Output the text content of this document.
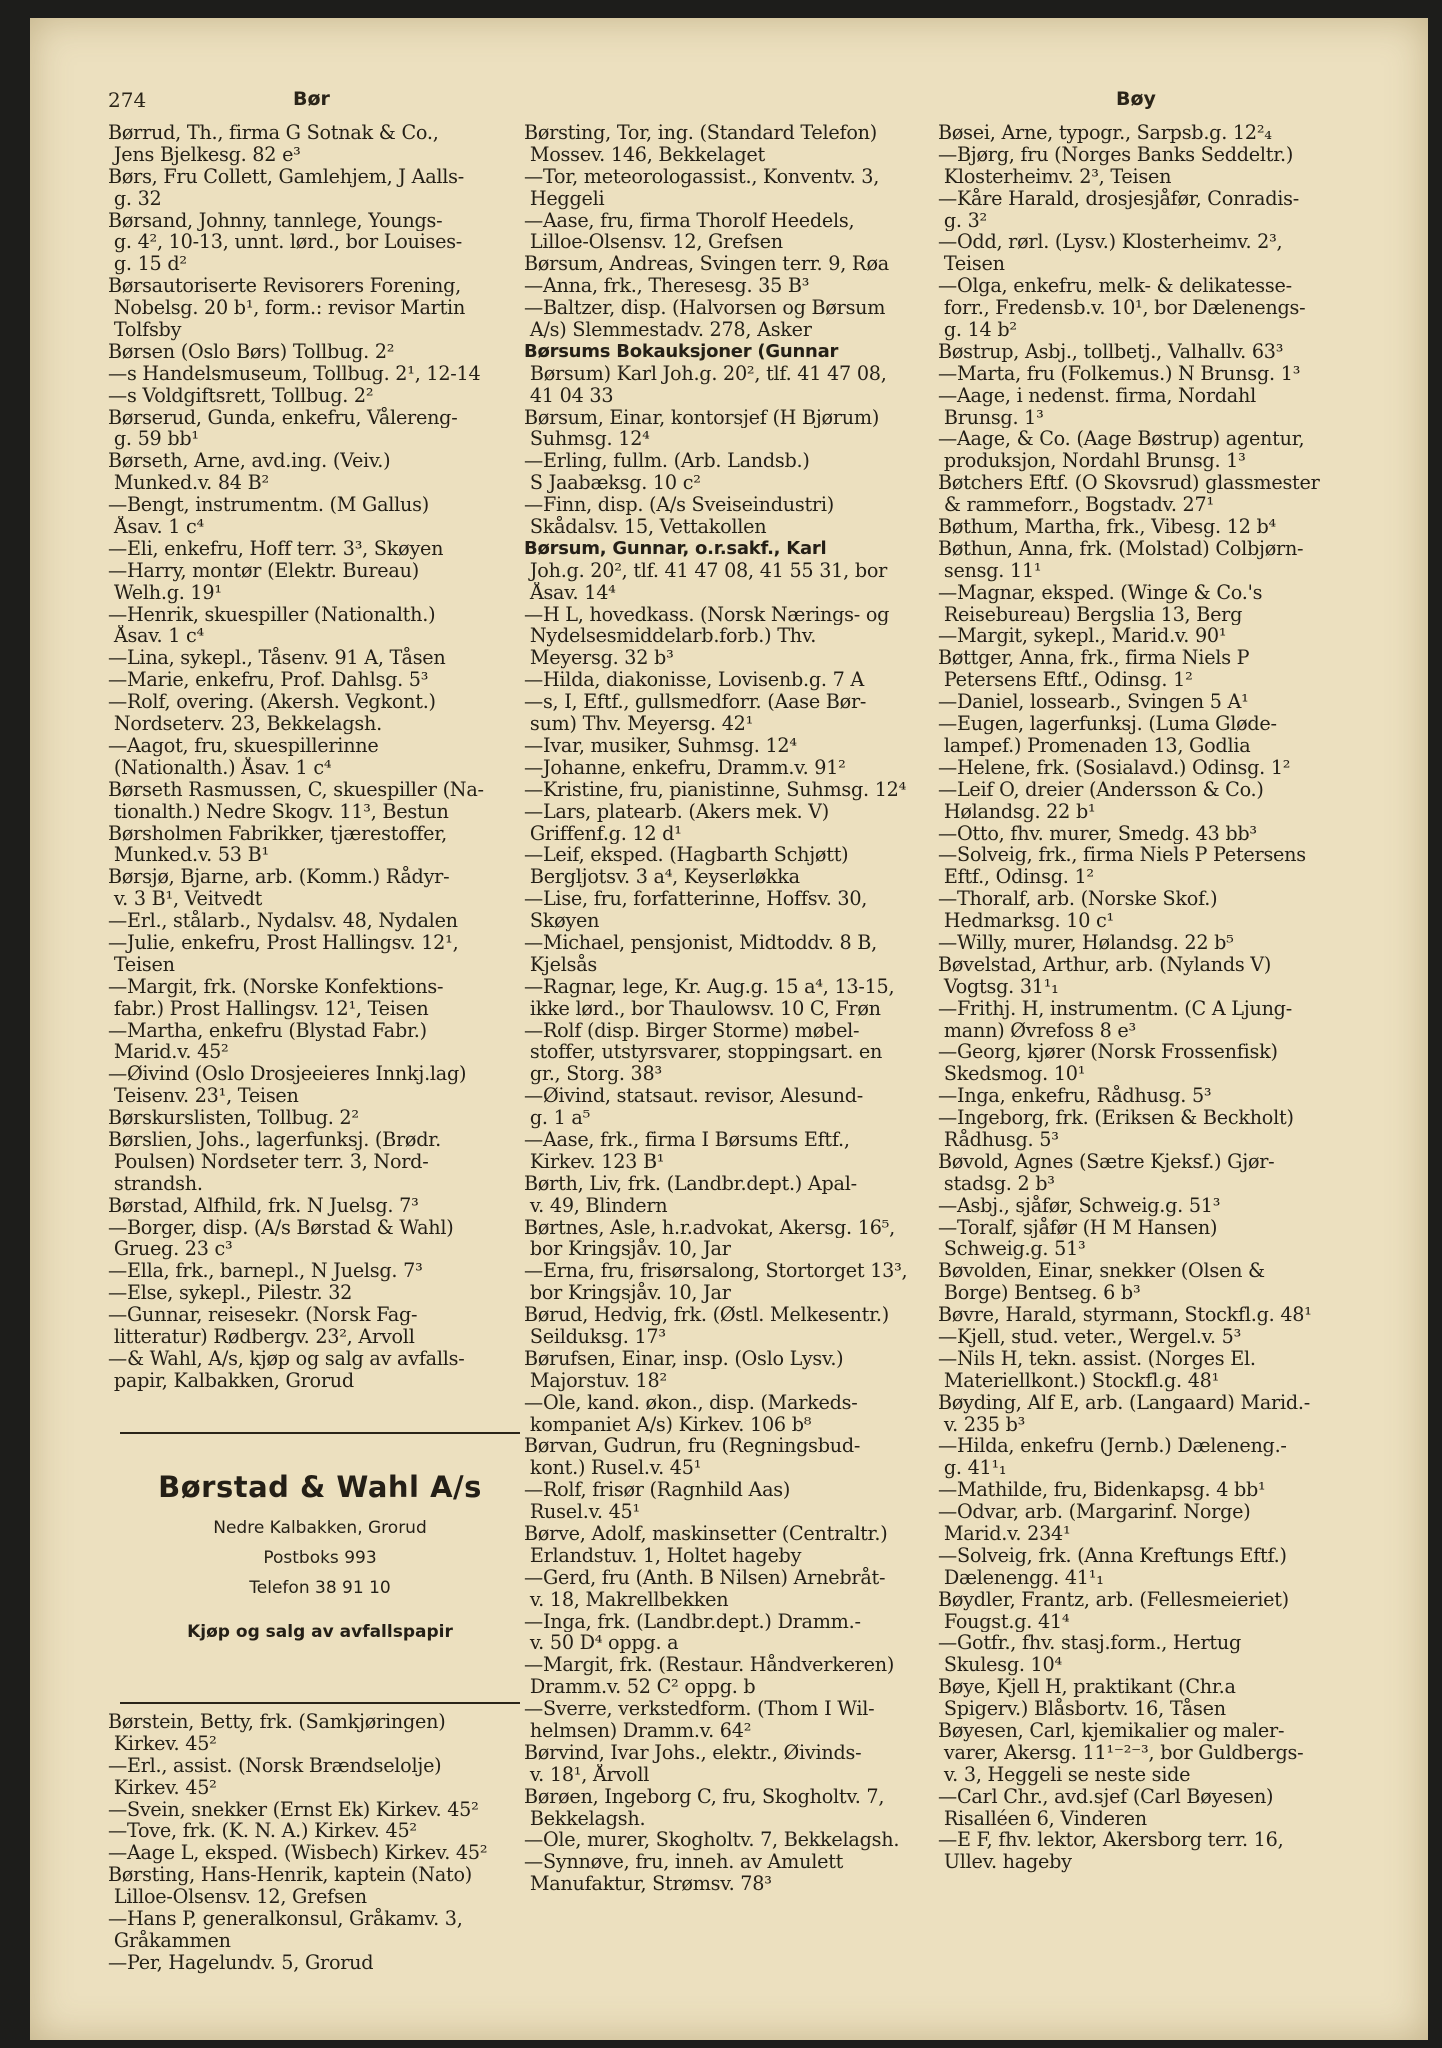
274	Bør	Bøy
Børrud, Th., firma G Sotnak & Co.,
Jens Bjelkesg. 82 e³
Børs, Fru Collett, Gamlehjem, J Aalls-
g. 32
Børsand, Johnny, tannlege, Youngs-
g. 4², 10-13, unnt. lørd., bor Louises-
g. 15 d²
Børsautoriserte Revisorers Forening,
Nobelsg. 20 b¹, form.: revisor Martin
Tolfsby
Børsen (Oslo Børs) Tollbug. 2²
—s Handelsmuseum, Tollbug. 2¹, 12-14
—s Voldgiftsrett, Tollbug. 2²
Børserud, Gunda, enkefru, Vålereng-
g. 59 bb¹
Børseth, Arne, avd.ing. (Veiv.)
Munked.v. 84 B²
—Bengt, instrumentm. (M Gallus)
Åsav. 1 c⁴
—Eli, enkefru, Hoff terr. 3³, Skøyen
—Harry, montør (Elektr. Bureau)
Welh.g. 19¹
—Henrik, skuespiller (Nationalth.)
Åsav. 1 c⁴
—Lina, sykepl., Tåsenv. 91 A, Tåsen
—Marie, enkefru, Prof. Dahlsg. 5³
—Rolf, overing. (Akersh. Vegkont.)
Nordseterv. 23, Bekkelagsh.
—Aagot, fru, skuespillerinne
(Nationalth.) Åsav. 1 c⁴
Børseth Rasmussen, C, skuespiller (Na-
tionalth.) Nedre Skogv. 11³, Bestun
Børsholmen Fabrikker, tjærestoffer,
Munked.v. 53 B¹
Børsjø, Bjarne, arb. (Komm.) Rådyr-
v. 3 B¹, Veitvedt
—Erl., stålarb., Nydalsv. 48, Nydalen
—Julie, enkefru, Prost Hallingsv. 12¹,
Teisen
—Margit, frk. (Norske Konfektions-
fabr.) Prost Hallingsv. 12¹, Teisen
—Martha, enkefru (Blystad Fabr.)
Marid.v. 45²
—Øivind (Oslo Drosjeeieres Innkj.lag)
Teisenv. 23¹, Teisen
Børskurslisten, Tollbug. 2²
Børslien, Johs., lagerfunksj. (Brødr.
Poulsen) Nordseter terr. 3, Nord-
strandsh.
Børstad, Alfhild, frk. N Juelsg. 7³
—Borger, disp. (A/s Børstad & Wahl)
Grueg. 23 c³
—Ella, frk., barnepl., N Juelsg. 7³
—Else, sykepl., Pilestr. 32
—Gunnar, reisesekr. (Norsk Fag-
litteratur) Rødbergv. 23², Arvoll
—& Wahl, A/s, kjøp og salg av avfalls-
papir, Kalbakken, Grorud
Børstad & Wahl A/s
Nedre Kalbakken, Grorud
Postboks 993
Telefon 38 91 10
Kjøp og salg av avfallspapir
Børstein, Betty, frk. (Samkjøringen)
Kirkev. 45²
—Erl., assist. (Norsk Brændselolje)
Kirkev. 45²
—Svein, snekker (Ernst Ek) Kirkev. 45²
—Tove, frk. (K. N. A.) Kirkev. 45²
—Aage L, eksped. (Wisbech) Kirkev. 45²
Børsting, Hans-Henrik, kaptein (Nato)
Lilloe-Olsensv. 12, Grefsen
—Hans P, generalkonsul, Gråkamv. 3,
Gråkammen
—Per, Hagelundv. 5, Grorud
Børsting, Tor, ing. (Standard Telefon)
Mossev. 146, Bekkelaget
—Tor, meteorologassist., Konventv. 3,
Heggeli
—Aase, fru, firma Thorolf Heedels,
Lilloe-Olsensv. 12, Grefsen
Børsum, Andreas, Svingen terr. 9, Røa
—Anna, frk., Theresesg. 35 B³
—Baltzer, disp. (Halvorsen og Børsum
A/s) Slemmestadv. 278, Asker
Børsums Bokauksjoner (Gunnar
Børsum) Karl Joh.g. 20², tlf. 41 47 08,
41 04 33
Børsum, Einar, kontorsjef (H Bjørum)
Suhmsg. 12⁴
—Erling, fullm. (Arb. Landsb.)
S Jaabæksg. 10 c²
—Finn, disp. (A/s Sveiseindustri)
Skådalsv. 15, Vettakollen
Børsum, Gunnar, o.r.sakf., Karl
Joh.g. 20², tlf. 41 47 08, 41 55 31, bor
Åsav. 14⁴
—H L, hovedkass. (Norsk Nærings- og
Nydelsesmiddelarb.forb.) Thv.
Meyersg. 32 b³
—Hilda, diakonisse, Lovisenb.g. 7 A
—s, I, Eftf., gullsmedforr. (Aase Bør-
sum) Thv. Meyersg. 42¹
—Ivar, musiker, Suhmsg. 12⁴
—Johanne, enkefru, Dramm.v. 91²
—Kristine, fru, pianistinne, Suhmsg. 12⁴
—Lars, platearb. (Akers mek. V)
Griffenf.g. 12 d¹
—Leif, eksped. (Hagbarth Schjøtt)
Bergljotsv. 3 a⁴, Keyserløkka
—Lise, fru, forfatterinne, Hoffsv. 30,
Skøyen
—Michael, pensjonist, Midtoddv. 8 B,
Kjelsås
—Ragnar, lege, Kr. Aug.g. 15 a⁴, 13-15,
ikke lørd., bor Thaulowsv. 10 C, Frøn
—Rolf (disp. Birger Storme) møbel-
stoffer, utstyrsvarer, stoppingsart. en
gr., Storg. 38³
—Øivind, statsaut. revisor, Alesund-
g. 1 a⁵
—Aase, frk., firma I Børsums Eftf.,
Kirkev. 123 B¹
Børth, Liv, frk. (Landbr.dept.) Apal-
v. 49, Blindern
Børtnes, Asle, h.r.advokat, Akersg. 16⁵,
bor Kringsjåv. 10, Jar
—Erna, fru, frisørsalong, Stortorget 13³,
bor Kringsjåv. 10, Jar
Børud, Hedvig, frk. (Østl. Melkesentr.)
Seilduksg. 17³
Børufsen, Einar, insp. (Oslo Lysv.)
Majorstuv. 18²
—Ole, kand. økon., disp. (Markeds-
kompaniet A/s) Kirkev. 106 b⁸
Børvan, Gudrun, fru (Regningsbud-
kont.) Rusel.v. 45¹
—Rolf, frisør (Ragnhild Aas)
Rusel.v. 45¹
Børve, Adolf, maskinsetter (Centraltr.)
Erlandstuv. 1, Holtet hageby
—Gerd, fru (Anth. B Nilsen) Arnebråt-
v. 18, Makrellbekken
—Inga, frk. (Landbr.dept.) Dramm.-
v. 50 D⁴ oppg. a
—Margit, frk. (Restaur. Håndverkeren)
Dramm.v. 52 C² oppg. b
—Sverre, verkstedform. (Thom I Wil-
helmsen) Dramm.v. 64²
Børvind, Ivar Johs., elektr., Øivinds-
v. 18¹, Årvoll
Børøen, Ingeborg C, fru, Skogholtv. 7,
Bekkelagsh.
—Ole, murer, Skogholtv. 7, Bekkelagsh.
—Synnøve, fru, inneh. av Amulett
Manufaktur, Strømsv. 78³
Bøsei, Arne, typogr., Sarpsb.g. 12²₄
—Bjørg, fru (Norges Banks Seddeltr.)
Klosterheimv. 2³, Teisen
—Kåre Harald, drosjesjåfør, Conradis-
g. 3²
—Odd, rørl. (Lysv.) Klosterheimv. 2³,
Teisen
—Olga, enkefru, melk- & delikatesse-
forr., Fredensb.v. 10¹, bor Dælenengs-
g. 14 b²
Bøstrup, Asbj., tollbetj., Valhallv. 63³
—Marta, fru (Folkemus.) N Brunsg. 1³
—Aage, i nedenst. firma, Nordahl
Brunsg. 1³
—Aage, & Co. (Aage Bøstrup) agentur,
produksjon, Nordahl Brunsg. 1³
Bøtchers Eftf. (O Skovsrud) glassmester
& rammeforr., Bogstadv. 27¹
Bøthum, Martha, frk., Vibesg. 12 b⁴
Bøthun, Anna, frk. (Molstad) Colbjørn-
sensg. 11¹
—Magnar, eksped. (Winge & Co.'s
Reisebureau) Bergslia 13, Berg
—Margit, sykepl., Marid.v. 90¹
Bøttger, Anna, frk., firma Niels P
Petersens Eftf., Odinsg. 1²
—Daniel, lossearb., Svingen 5 A¹
—Eugen, lagerfunksj. (Luma Gløde-
lampef.) Promenaden 13, Godlia
—Helene, frk. (Sosialavd.) Odinsg. 1²
—Leif O, dreier (Andersson & Co.)
Hølandsg. 22 b¹
—Otto, fhv. murer, Smedg. 43 bb³
—Solveig, frk., firma Niels P Petersens
Eftf., Odinsg. 1²
—Thoralf, arb. (Norske Skof.)
Hedmarksg. 10 c¹
—Willy, murer, Hølandsg. 22 b⁵
Bøvelstad, Arthur, arb. (Nylands V)
Vogtsg. 31¹₁
—Frithj. H, instrumentm. (C A Ljung-
mann) Øvrefoss 8 e³
—Georg, kjører (Norsk Frossenfisk)
Skedsmog. 10¹
—Inga, enkefru, Rådhusg. 5³
—Ingeborg, frk. (Eriksen & Beckholt)
Rådhusg. 5³
Bøvold, Agnes (Sætre Kjeksf.) Gjør-
stadsg. 2 b³
—Asbj., sjåfør, Schweig.g. 51³
—Toralf, sjåfør (H M Hansen)
Schweig.g. 51³
Bøvolden, Einar, snekker (Olsen &
Borge) Bentseg. 6 b³
Bøvre, Harald, styrmann, Stockfl.g. 48¹
—Kjell, stud. veter., Wergel.v. 5³
—Nils H, tekn. assist. (Norges El.
Materiellkont.) Stockfl.g. 48¹
Bøyding, Alf E, arb. (Langaard) Marid.-
v. 235 b³
—Hilda, enkefru (Jernb.) Dæleneng.-
g. 41¹₁
—Mathilde, fru, Bidenkapsg. 4 bb¹
—Odvar, arb. (Margarinf. Norge)
Marid.v. 234¹
—Solveig, frk. (Anna Kreftungs Eftf.)
Dælenengg. 41¹₁
Bøydler, Frantz, arb. (Fellesmeieriet)
Fougst.g. 41⁴
—Gotfr., fhv. stasj.form., Hertug
Skulesg. 10⁴
Bøye, Kjell H, praktikant (Chr.a
Spigerv.) Blåsbortv. 16, Tåsen
Bøyesen, Carl, kjemikalier og maler-
varer, Akersg. 11¹⁻²⁻³, bor Guldbergs-
v. 3, Heggeli se neste side
—Carl Chr., avd.sjef (Carl Bøyesen)
Risalléen 6, Vinderen
—E F, fhv. lektor, Akersborg terr. 16,
Ullev. hageby
